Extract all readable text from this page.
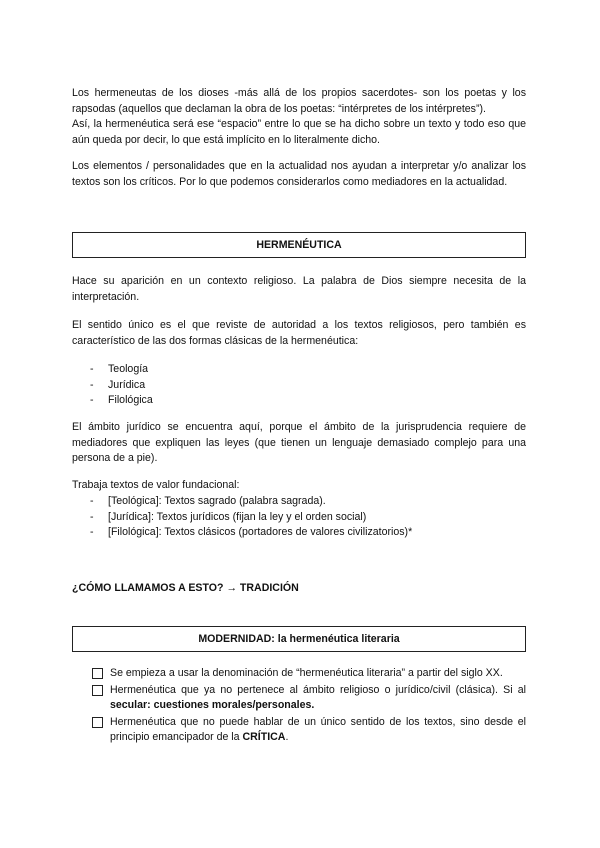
Los hermeneutas de los dioses -más allá de los propios sacerdotes- son los poetas y los rapsodas (aquellos que declaman la obra de los poetas: “intérpretes de los intérpretes”).
Así, la hermenéutica será ese “espacio” entre lo que se ha dicho sobre un texto y todo eso que aún queda por decir, lo que está implícito en lo literalmente dicho.
Los elementos / personalidades que en la actualidad nos ayudan a interpretar y/o analizar los textos son los críticos. Por lo que podemos considerarlos como mediadores en la actualidad.
HERMENÉUTICA
Hace su aparición en un contexto religioso. La palabra de Dios siempre necesita de la interpretación.
El sentido único es el que reviste de autoridad a los textos religiosos, pero también es característico de las dos formas clásicas de la hermenéutica:
- Teología
- Jurídica
- Filológica
El ámbito jurídico se encuentra aquí, porque el ámbito de la jurisprudencia requiere de mediadores que expliquen las leyes (que tienen un lenguaje demasiado complejo para una persona de a pie).
Trabaja textos de valor fundacional:
- [Teológica]: Textos sagrado (palabra sagrada).
- [Jurídica]: Textos jurídicos (fijan la ley y el orden social)
- [Filológica]: Textos clásicos (portadores de valores civilizatorios)*
¿CÓMO LLAMAMOS A ESTO? → TRADICIÓN
MODERNIDAD: la hermenéutica literaria
Se empieza a usar la denominación de “hermenéutica literaria” a partir del siglo XX.
Hermenéutica que ya no pertenece al ámbito religioso o jurídico/civil (clásica). Si al secular: cuestiones morales/personales.
Hermenéutica que no puede hablar de un único sentido de los textos, sino desde el principio emancipador de la CRÍTICA.
